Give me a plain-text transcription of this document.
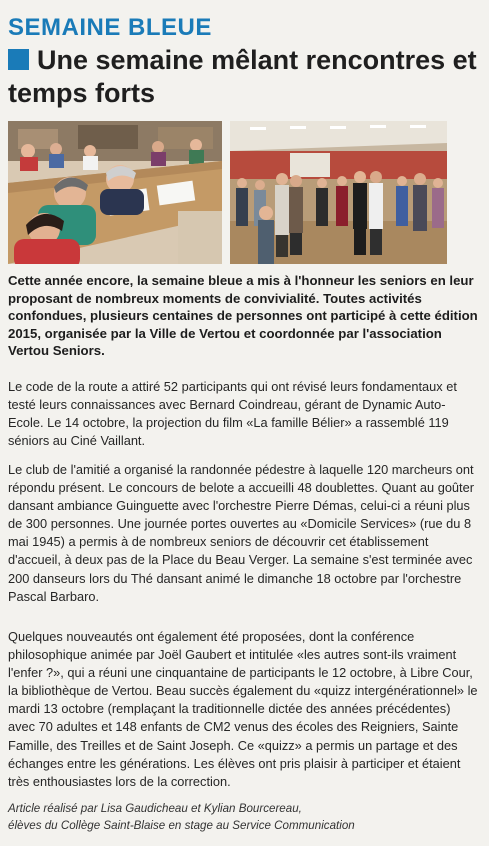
SEMAINE BLEUE
Une semaine mêlant rencontres et temps forts
Cette année encore, la semaine bleue a mis à l'honneur les seniors en leur proposant de nombreux moments de convivialité. Toutes activités confondues, plusieurs centaines de personnes ont participé à cette édition 2015, organisée par la Ville de Vertou et coordonnée par l'association Vertou Seniors.
Le code de la route a attiré 52 participants qui ont révisé leurs fondamentaux et testé leurs connaissances avec Bernard Coindreau, gérant de Dynamic Auto-Ecole. Le 14 octobre, la projection du film «La famille Bélier» a rassemblé 119 séniors au Ciné Vaillant.
Le club de l'amitié a organisé la randonnée pédestre à laquelle 120 marcheurs ont répondu présent. Le concours de belote a accueilli 48 doublettes. Quant au goûter dansant ambiance Guinguette avec l'orchestre Pierre Démas, celui-ci a réuni plus de 300 personnes. Une journée portes ouvertes au «Domicile Services» (rue du 8 mai 1945) a permis à de nombreux seniors de découvrir cet établissement d'accueil, à deux pas de la Place du Beau Verger. La semaine s'est terminée avec 200 danseurs lors du Thé dansant animé le dimanche 18 octobre par l'orchestre Pascal Barbaro.
Quelques nouveautés ont également été proposées, dont la conférence philosophique animée par Joël Gaubert et intitulée «les autres sont-ils vraiment l'enfer ?», qui a réuni une cinquantaine de participants le 12 octobre, à Libre Cour, la bibliothèque de Vertou. Beau succès également du «quizz intergénérationnel» le mardi 13 octobre (remplaçant la traditionnelle dictée des années précédentes) avec 70 adultes et 148 enfants de CM2 venus des écoles des Reigniers, Sainte Famille, des Treilles et de Saint Joseph. Ce «quizz» a permis un partage et des échanges entre les générations. Les élèves ont pris plaisir à participer et étaient très enthousiastes lors de la correction.
Article réalisé par Lisa Gaudicheau et Kylian Bourcereau,
élèves du Collège Saint-Blaise en stage au Service Communication
